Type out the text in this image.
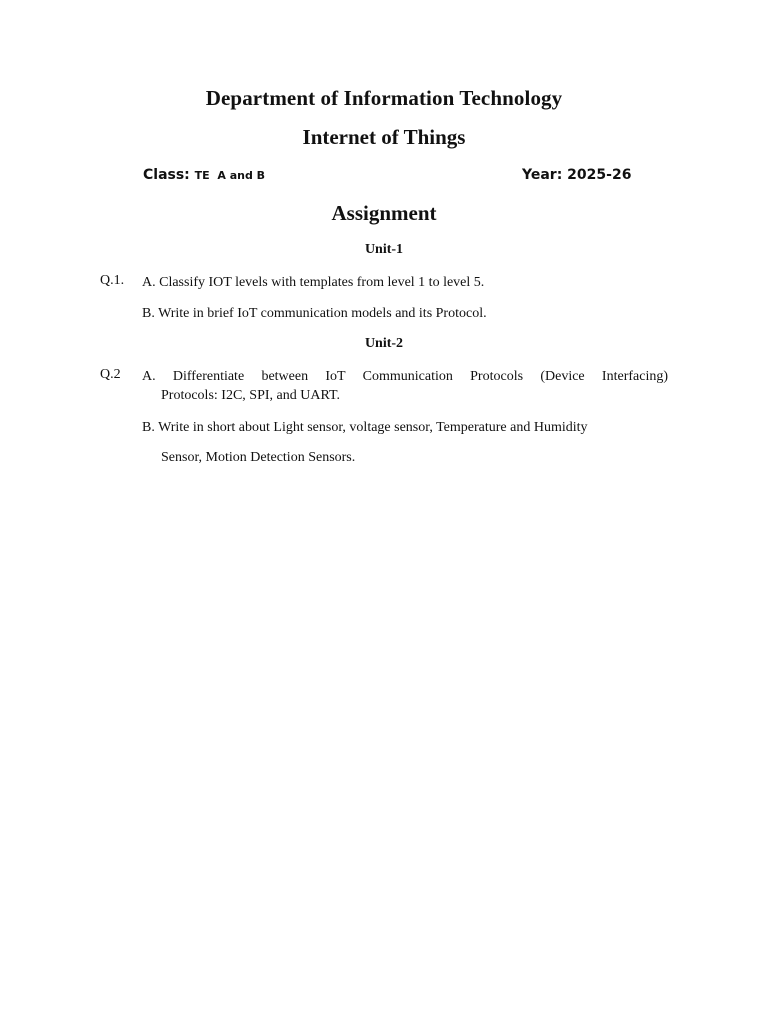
Department of Information Technology
Internet of Things
Class: TE  A and B	Year: 2025-26
Assignment
Unit-1
Q.1. A. Classify IOT levels with templates from level 1 to level 5.
B. Write in brief IoT communication models and its Protocol.
Unit-2
Q.2 A. Differentiate between IoT Communication Protocols (Device Interfacing)
Protocols: I2C, SPI, and UART.
B. Write in short about Light sensor, voltage sensor, Temperature and Humidity
Sensor, Motion Detection Sensors.
